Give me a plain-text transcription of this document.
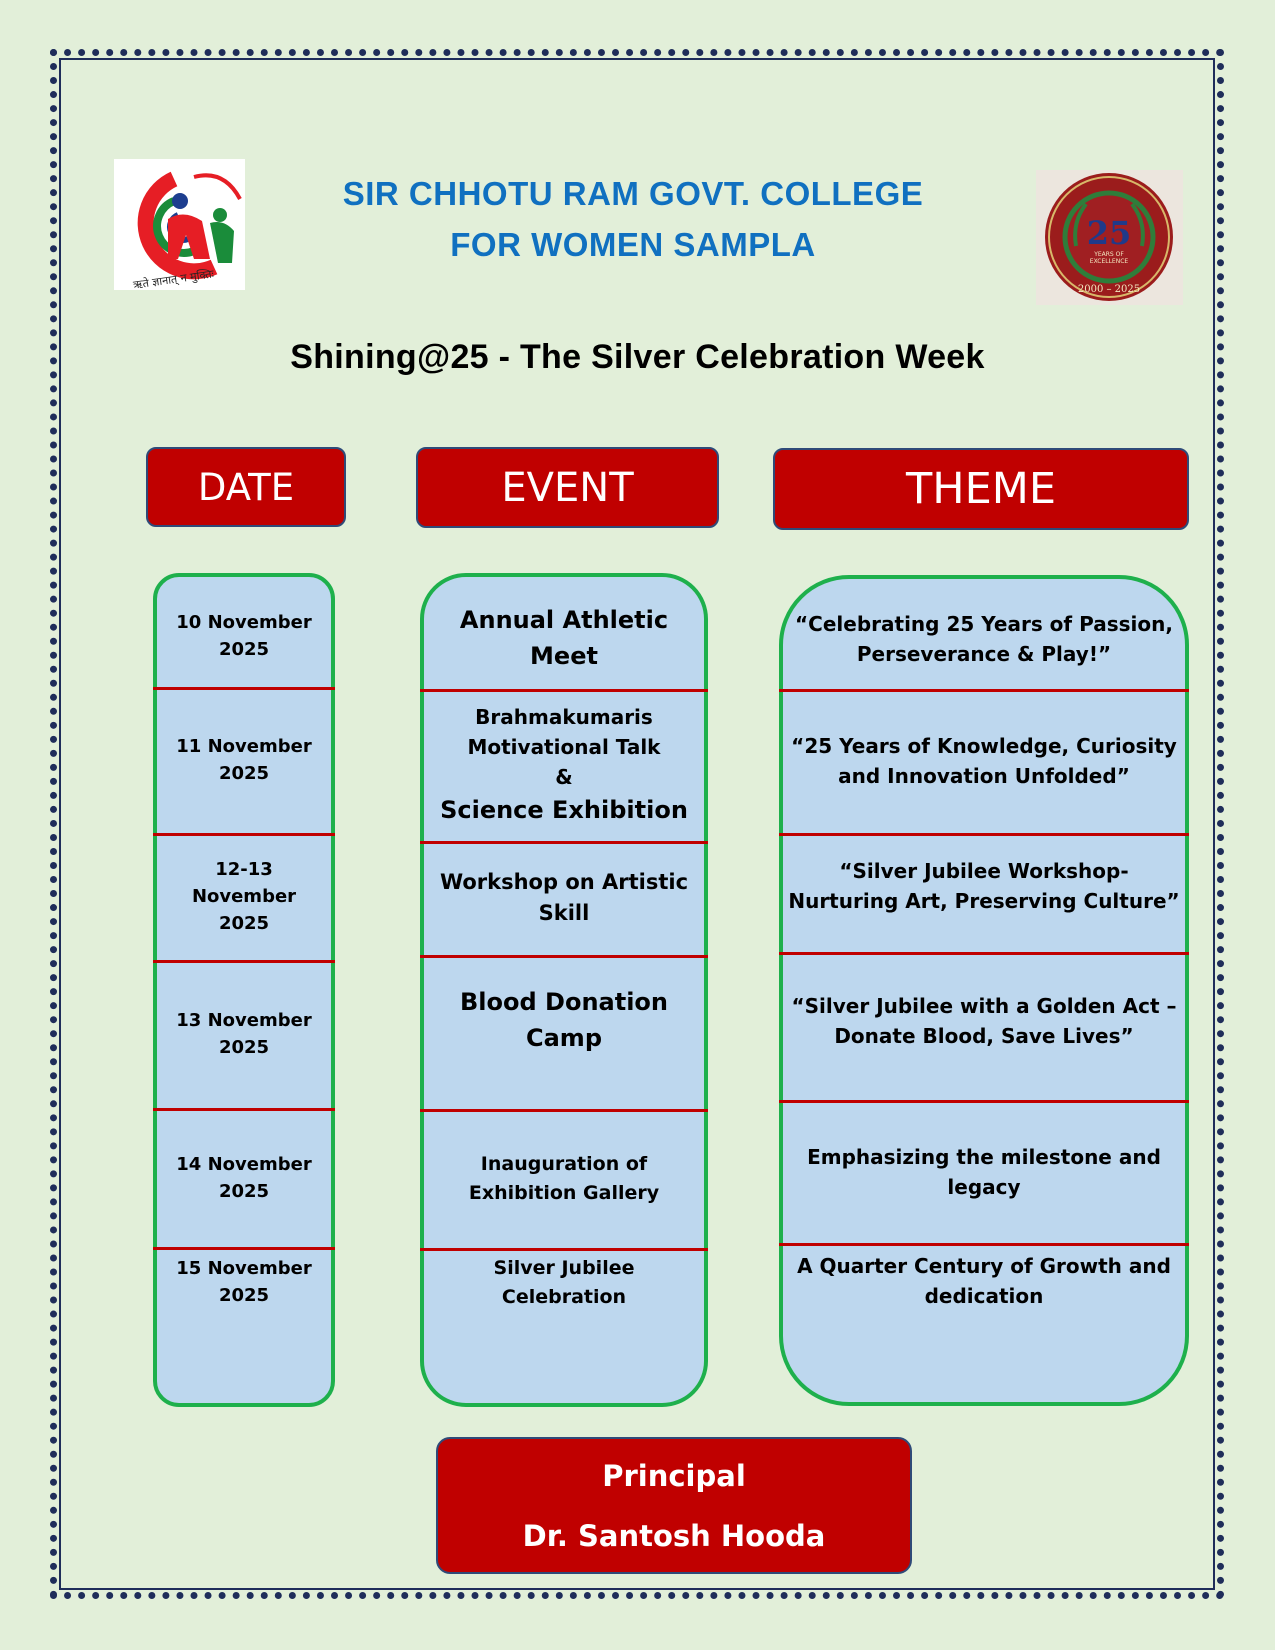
ऋते ज्ञानात् न मुक्तिः
25
YEARS OF
EXCELLENCE
2000 – 2025
SIR CHHOTU RAM GOVT. COLLEGE
FOR WOMEN SAMPLA
Shining@25 - The Silver Celebration Week
DATE	EVENT	THEME
10 November
2025
11 November
2025
12-13
November
2025
13 November
2025
14 November
2025
15 November
2025
Annual Athletic
Meet
Brahmakumaris
Motivational Talk
&
Science Exhibition
Workshop on Artistic
Skill
Blood Donation
Camp
Inauguration of
Exhibition Gallery
Silver Jubilee
Celebration
“Celebrating 25 Years of Passion,
Perseverance & Play!”
“25 Years of Knowledge, Curiosity
and Innovation Unfolded”
“Silver Jubilee Workshop-
Nurturing Art, Preserving Culture”
“Silver Jubilee with a Golden Act –
Donate Blood, Save Lives”
Emphasizing the milestone and
legacy
A Quarter Century of Growth and
dedication
Principal
Dr. Santosh Hooda
